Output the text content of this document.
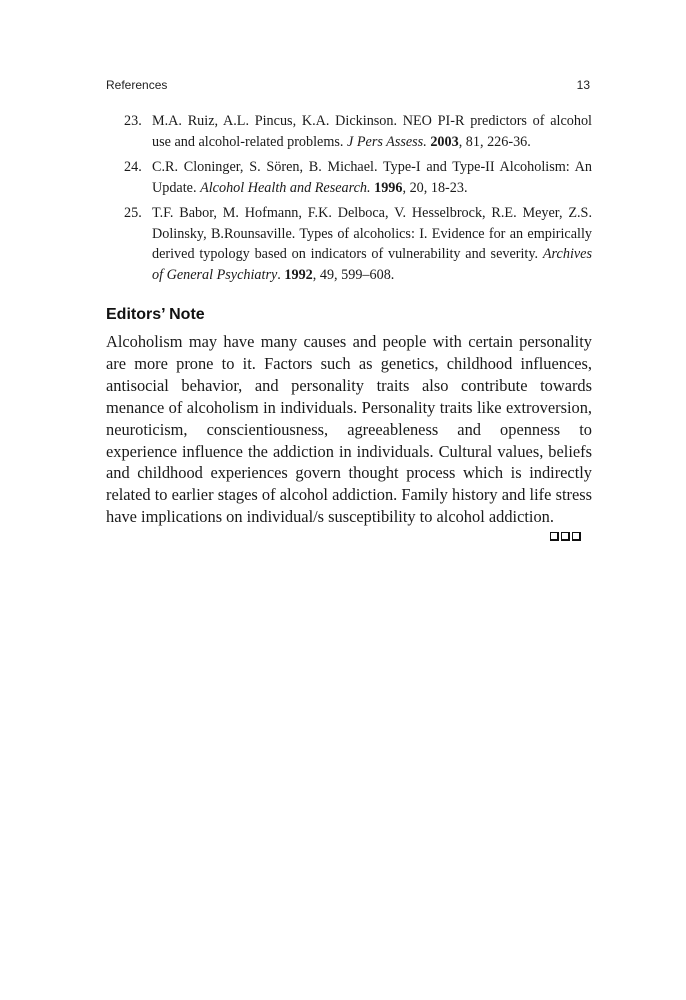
References	13
23. M.A. Ruiz, A.L. Pincus, K.A. Dickinson. NEO PI-R predictors of alcohol use and alcohol-related problems. J Pers Assess. 2003, 81, 226-36.
24. C.R. Cloninger, S. Sören, B. Michael. Type-I and Type-II Alcoholism: An Update. Alcohol Health and Research. 1996, 20, 18-23.
25. T.F. Babor, M. Hofmann, F.K. Delboca, V. Hesselbrock, R.E. Meyer, Z.S. Dolinsky, B.Rounsaville. Types of alcoholics: I. Evidence for an empirically derived typology based on indicators of vulnerability and severity. Archives of General Psychiatry. 1992, 49, 599–608.
Editors’ Note

Alcoholism may have many causes and people with certain personality are more prone to it. Factors such as genetics, childhood influences, antisocial behavior, and personality traits also contribute towards menance of alcoholism in individuals. Personality traits like extroversion, neuroticism, conscientiousness, agreeableness and openness to experience influence the addiction in individuals. Cultural values, beliefs and childhood experiences govern thought process which is indirectly related to earlier stages of alcohol addiction. Family history and life stress have implications on individual/s susceptibility to alcohol addiction.
